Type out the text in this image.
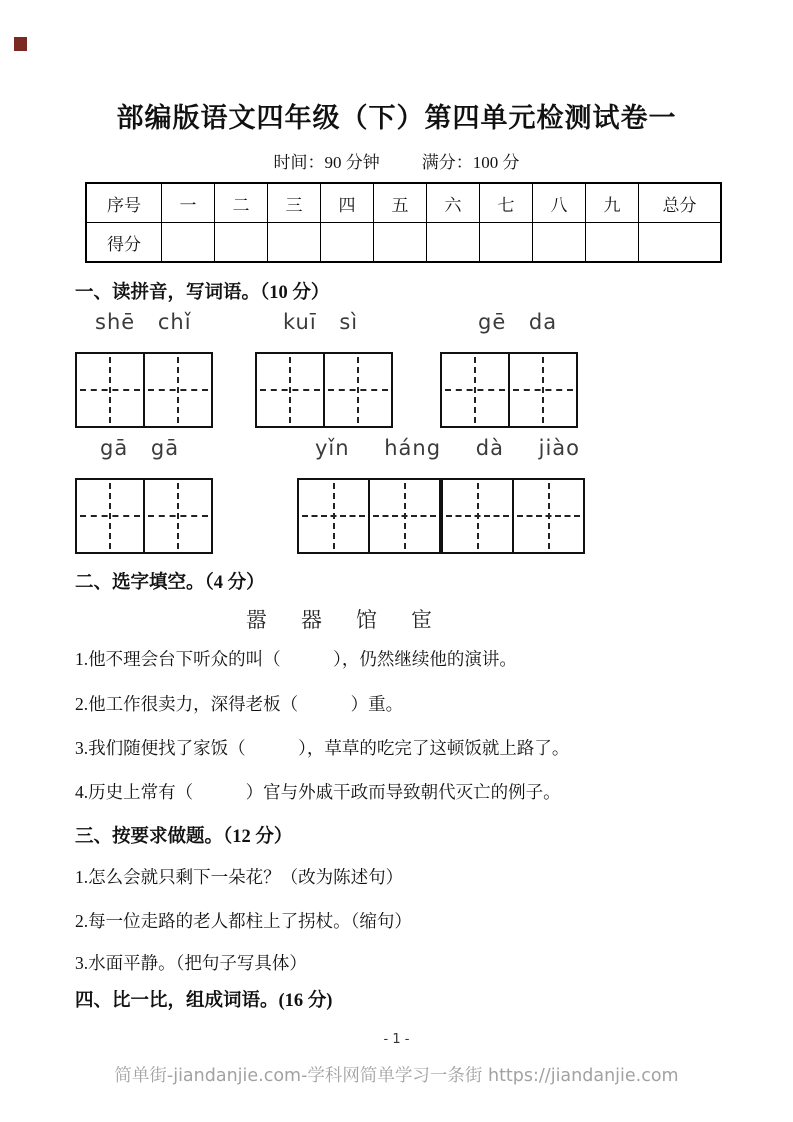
部编版语文四年级（下）第四单元检测试卷一
时间：90 分钟 满分：100 分
序号	一	二	三	四	五	六	七	八	九	总分
得分										
一、读拼音，写词语。（10 分）
shē chǐ	kuī sì	gē da
gā gā	yǐn háng dà jiào
二、选字填空。（4 分）
嚣 器 馆 宦
1.他不理会台下听众的叫（　　　），仍然继续他的演讲。
2.他工作很卖力，深得老板（　　　）重。
3.我们随便找了家饭（　　　），草草的吃完了这顿饭就上路了。
4.历史上常有（　　　）官与外戚干政而导致朝代灭亡的例子。
三、按要求做题。（12 分）
1.怎么会就只剩下一朵花？（改为陈述句）
2.每一位走路的老人都柱上了拐杖。（缩句）
3.水面平静。（把句子写具体）
四、比一比，组成词语。(16 分)
- 1 -
简单街-jiandanjie.com-学科网简单学习一条街 https://jiandanjie.com
